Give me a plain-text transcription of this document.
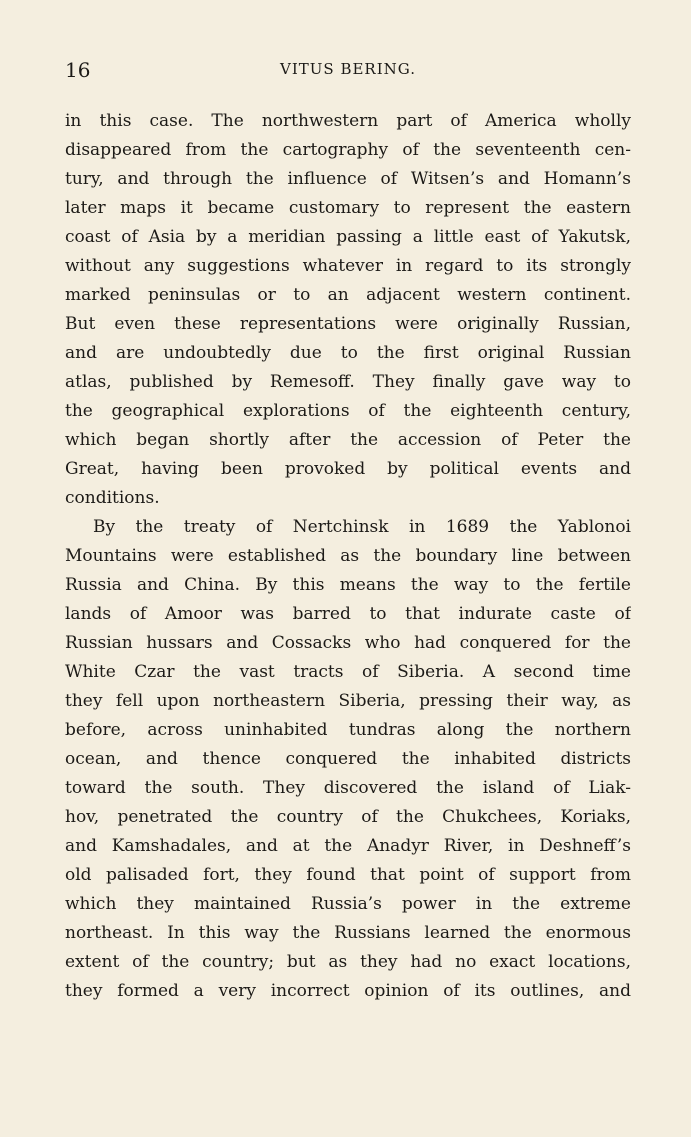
16	VITUS BERING.
in this case. The northwestern part of America wholly
disappeared from the cartography of the seventeenth cen-
tury, and through the influence of Witsen’s and Homann’s
later maps it became customary to represent the eastern
coast of Asia by a meridian passing a little east of Yakutsk,
without any suggestions whatever in regard to its strongly
marked peninsulas or to an adjacent western continent.
But even these representations were originally Russian,
and are undoubtedly due to the first original Russian
atlas, published by Remesoff. They finally gave way to
the geographical explorations of the eighteenth century,
which began shortly after the accession of Peter the
Great, having been provoked by political events and
conditions.
By the treaty of Nertchinsk in 1689 the Yablonoi
Mountains were established as the boundary line between
Russia and China. By this means the way to the fertile
lands of Amoor was barred to that indurate caste of
Russian hussars and Cossacks who had conquered for the
White Czar the vast tracts of Siberia. A second time
they fell upon northeastern Siberia, pressing their way, as
before, across uninhabited tundras along the northern
ocean, and thence conquered the inhabited districts
toward the south. They discovered the island of Liak-
hov, penetrated the country of the Chukchees, Koriaks,
and Kamshadales, and at the Anadyr River, in Deshneff’s
old palisaded fort, they found that point of support from
which they maintained Russia’s power in the extreme
northeast. In this way the Russians learned the enormous
extent of the country; but as they had no exact locations,
they formed a very incorrect opinion of its outlines, and
